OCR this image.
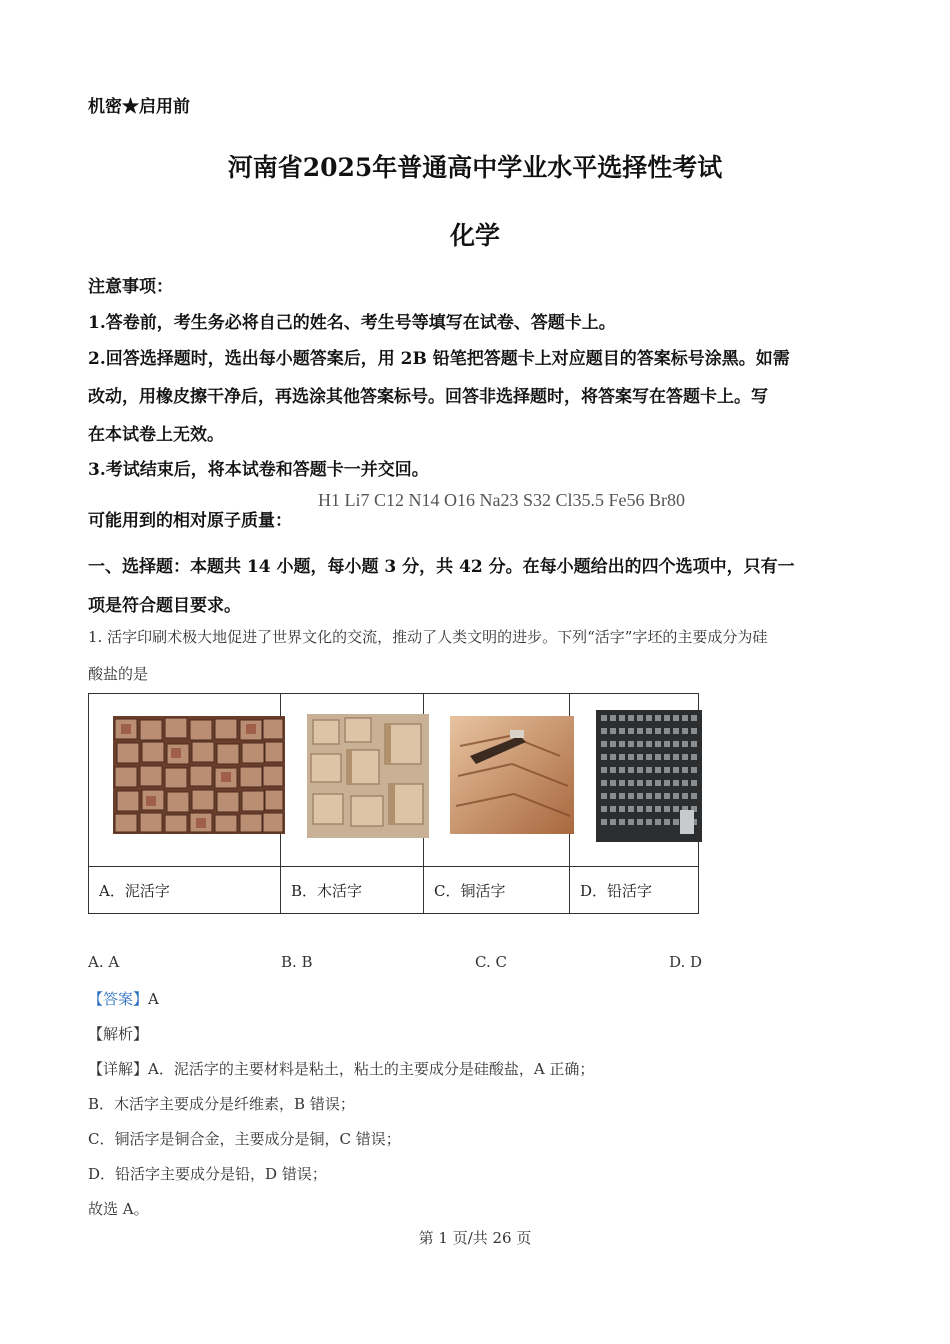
机密★启用前
河南省2025年普通高中学业水平选择性考试
化学
注意事项：
1.答卷前，考生务必将自己的姓名、考生号等填写在试卷、答题卡上。
2.回答选择题时，选出每小题答案后，用 2B 铅笔把答题卡上对应题目的答案标号涂黑。如需
改动，用橡皮擦干净后，再选涂其他答案标号。回答非选择题时，将答案写在答题卡上。写
在本试卷上无效。
3.考试结束后，将本试卷和答题卡一并交回。
可能用到的相对原子质量：
H1 Li7 C12 N14 O16 Na23 S32 Cl35.5 Fe56 Br80
一、选择题：本题共 14 小题，每小题 3 分，共 42 分。在每小题给出的四个选项中，只有一
项是符合题目要求。
1. 活字印刷术极大地促进了世界文化的交流，推动了人类文明的进步。下列“活字”字坯的主要成分为硅
酸盐的是

A．泥活字	B．木活字	C．铜活字	D．铅活字
A. A	B. B	C. C	D. D
【答案】A
【解析】
【详解】A．泥活字的主要材料是粘土，粘土的主要成分是硅酸盐，A 正确；
B．木活字主要成分是纤维素，B 错误；
C．铜活字是铜合金，主要成分是铜，C 错误；
D．铅活字主要成分是铅，D 错误；
故选 A。
第 1 页/共 26 页
